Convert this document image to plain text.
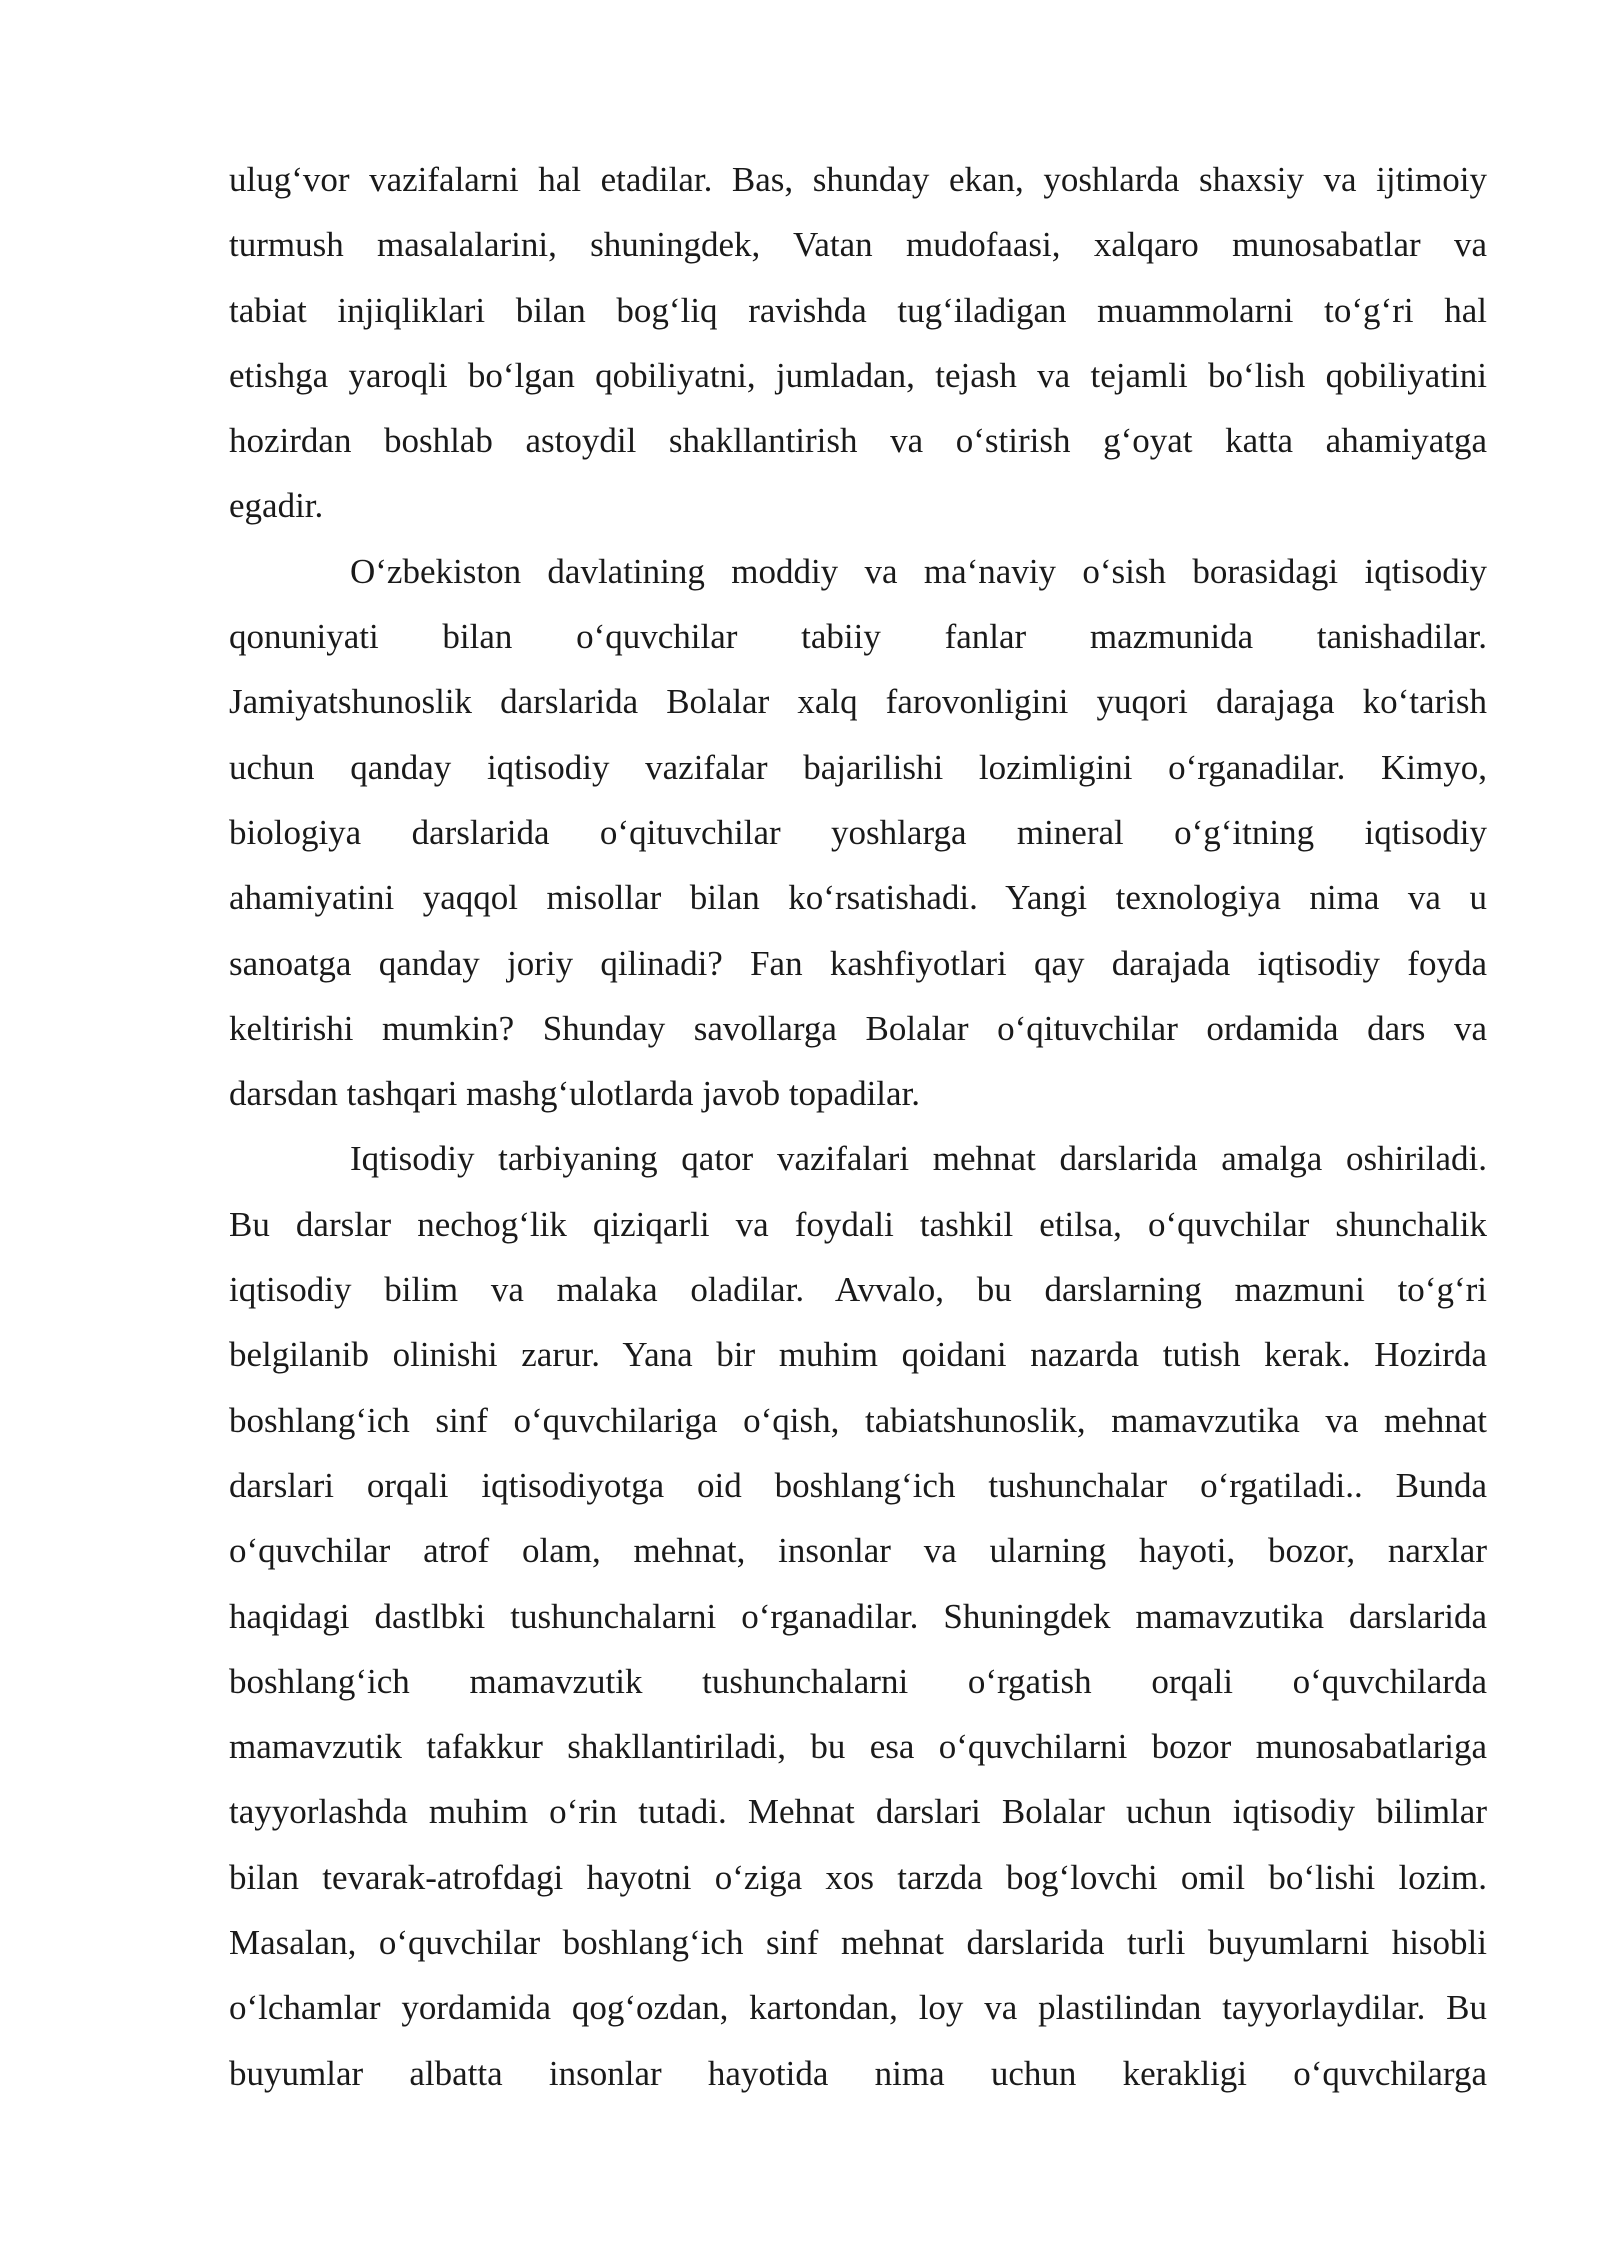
ulug‘vor vazifalarni hal etadilar. Bas, shunday ekan, yoshlarda shaxsiy va ijtimoiy
turmush masalalarini, shuningdek, Vatan mudofaasi, xalqaro munosabatlar va
tabiat injiqliklari bilan bog‘liq ravishda tug‘iladigan muammolarni to‘g‘ri hal
etishga yaroqli bo‘lgan qobiliyatni, jumladan, tejash va tejamli bo‘lish qobiliyatini
hozirdan boshlab astoydil shakllantirish va o‘stirish g‘oyat katta ahamiyatga
egadir.
O‘zbekiston davlatining moddiy va ma‘naviy o‘sish borasidagi iqtisodiy
qonuniyati bilan o‘quvchilar tabiiy fanlar mazmunida tanishadilar.
Jamiyatshunoslik darslarida Bolalar xalq farovonligini yuqori darajaga ko‘tarish
uchun qanday iqtisodiy vazifalar bajarilishi lozimligini o‘rganadilar. Kimyo,
biologiya darslarida o‘qituvchilar yoshlarga mineral o‘g‘itning iqtisodiy
ahamiyatini yaqqol misollar bilan ko‘rsatishadi. Yangi texnologiya nima va u
sanoatga qanday joriy qilinadi? Fan kashfiyotlari qay darajada iqtisodiy foyda
keltirishi mumkin? Shunday savollarga Bolalar o‘qituvchilar ordamida dars va
darsdan tashqari mashg‘ulotlarda javob topadilar.
Iqtisodiy tarbiyaning qator vazifalari mehnat darslarida amalga oshiriladi.
Bu darslar nechog‘lik qiziqarli va foydali tashkil etilsa, o‘quvchilar shunchalik
iqtisodiy bilim va malaka oladilar. Avvalo, bu darslarning mazmuni to‘g‘ri
belgilanib olinishi zarur. Yana bir muhim qoidani nazarda tutish kerak. Hozirda
boshlang‘ich sinf o‘quvchilariga o‘qish, tabiatshunoslik, mamavzutika va mehnat
darslari orqali iqtisodiyotga oid boshlang‘ich tushunchalar o‘rgatiladi.. Bunda
o‘quvchilar atrof olam, mehnat, insonlar va ularning hayoti, bozor, narxlar
haqidagi dastlbki tushunchalarni o‘rganadilar. Shuningdek mamavzutika darslarida
boshlang‘ich mamavzutik tushunchalarni o‘rgatish orqali o‘quvchilarda
mamavzutik tafakkur shakllantiriladi, bu esa o‘quvchilarni bozor munosabatlariga
tayyorlashda muhim o‘rin tutadi. Mehnat darslari Bolalar uchun iqtisodiy bilimlar
bilan tevarak-atrofdagi hayotni o‘ziga xos tarzda bog‘lovchi omil bo‘lishi lozim.
Masalan, o‘quvchilar boshlang‘ich sinf mehnat darslarida turli buyumlarni hisobli
o‘lchamlar yordamida qog‘ozdan, kartondan, loy va plastilindan tayyorlaydilar. Bu
buyumlar albatta insonlar hayotida nima uchun kerakligi o‘quvchilarga
